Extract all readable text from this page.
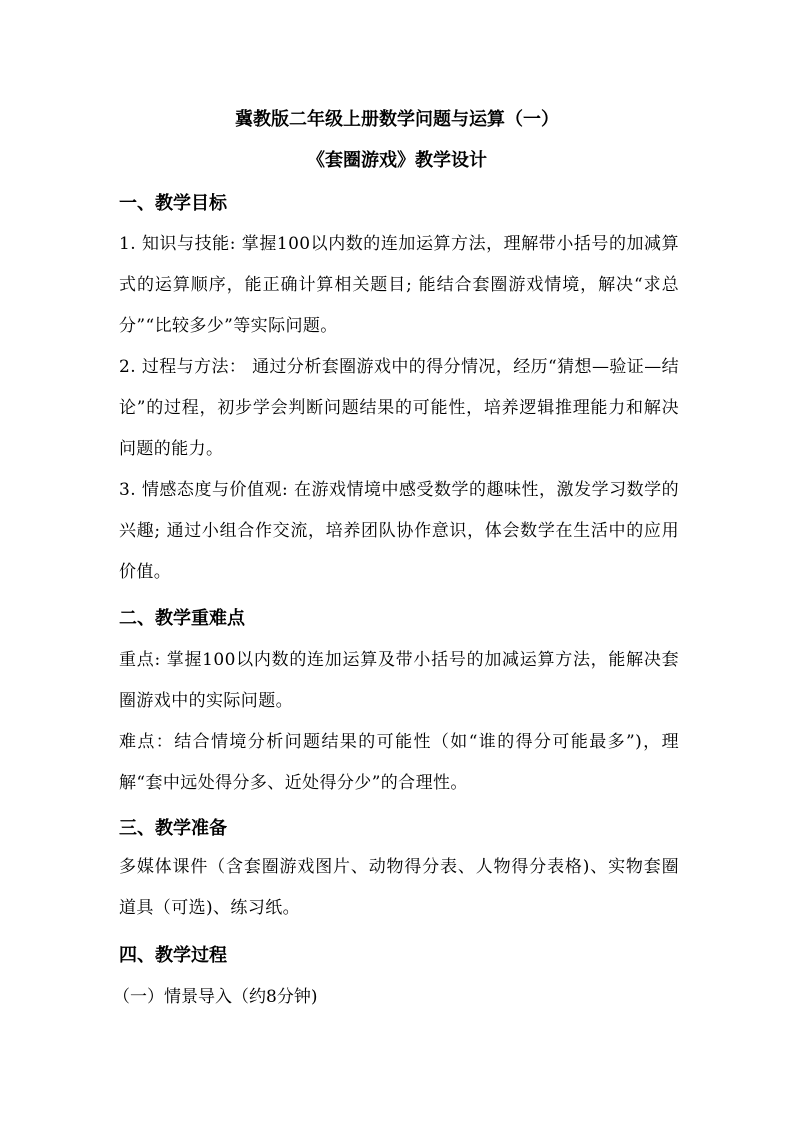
冀教版二年级上册数学问题与运算（一）
《套圈游戏》教学设计
一、教学目标
1. 知识与技能: 掌握100以内数的连加运算方法，理解带小括号的加减算式的运算顺序，能正确计算相关题目; 能结合套圈游戏情境，解决“求总分”“比较多少”等实际问题。
2. 过程与方法： 通过分析套圈游戏中的得分情况，经历“猜想—验证—结论”的过程，初步学会判断问题结果的可能性，培养逻辑推理能力和解决问题的能力。
3. 情感态度与价值观: 在游戏情境中感受数学的趣味性，激发学习数学的兴趣; 通过小组合作交流，培养团队协作意识，体会数学在生活中的应用价值。
二、教学重难点
重点: 掌握100以内数的连加运算及带小括号的加减运算方法，能解决套圈游戏中的实际问题。
难点：结合情境分析问题结果的可能性（如“谁的得分可能最多”)，理解“套中远处得分多、近处得分少”的合理性。
三、教学准备
多媒体课件（含套圈游戏图片、动物得分表、人物得分表格)、实物套圈道具（可选)、练习纸。
四、教学过程
（一）情景导入（约8分钟)
